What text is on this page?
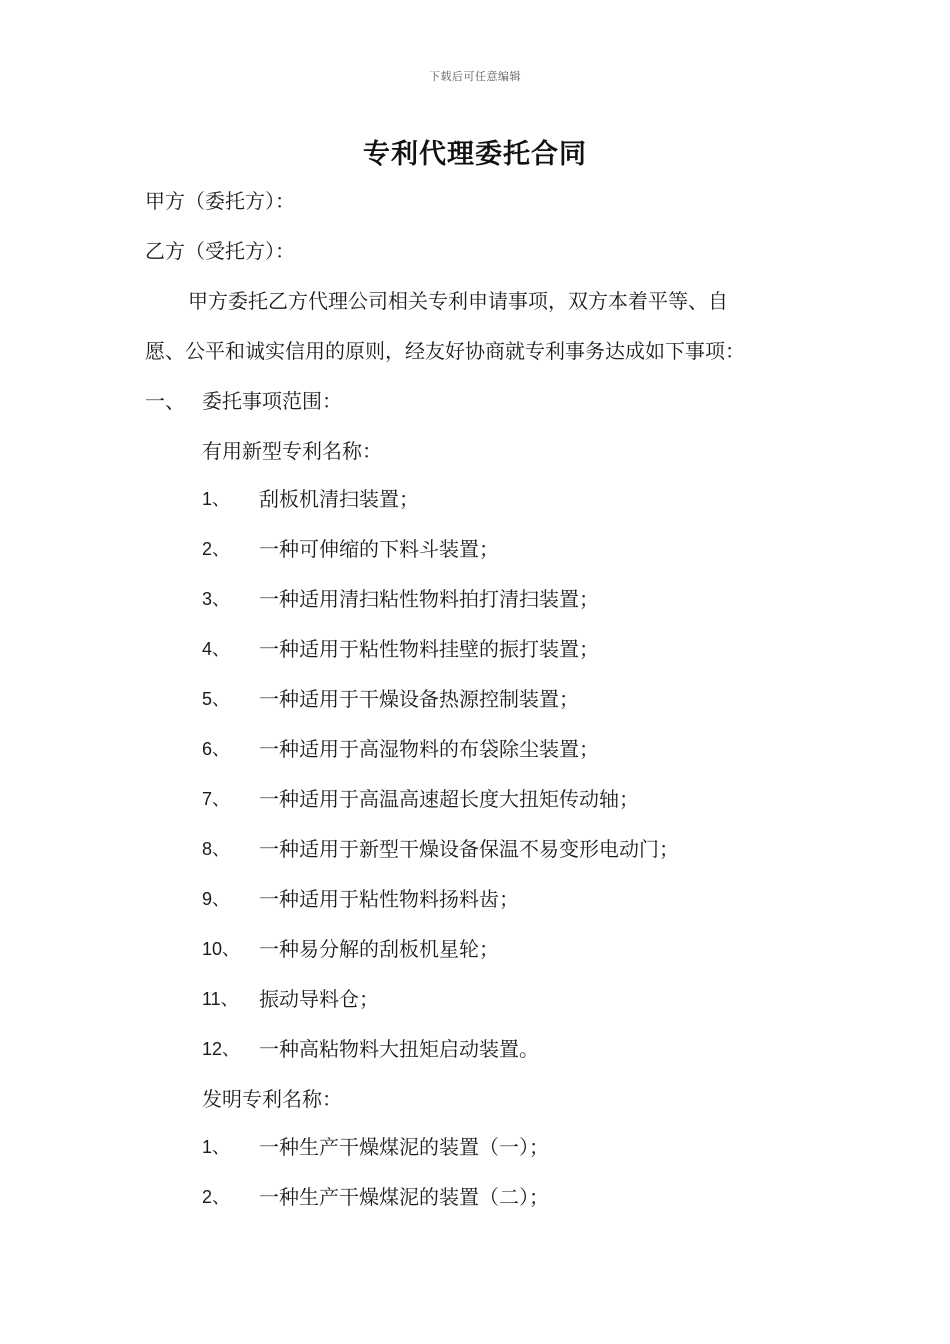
下载后可任意编辑
专利代理委托合同
甲方（委托方）：
乙方（受托方）：
甲方委托乙方代理公司相关专利申请事项，双方本着平等、自
愿、公平和诚实信用的原则，经友好协商就专利事务达成如下事项：
一、 委托事项范围：
有用新型专利名称：
1、 刮板机清扫装置；
2、 一种可伸缩的下料斗装置；
3、 一种适用清扫粘性物料拍打清扫装置；
4、 一种适用于粘性物料挂壁的振打装置；
5、 一种适用于干燥设备热源控制装置；
6、 一种适用于高湿物料的布袋除尘装置；
7、 一种适用于高温高速超长度大扭矩传动轴；
8、 一种适用于新型干燥设备保温不易变形电动门；
9、 一种适用于粘性物料扬料齿；
10、 一种易分解的刮板机星轮；
11、 振动导料仓；
12、 一种高粘物料大扭矩启动装置。
发明专利名称：
1、 一种生产干燥煤泥的装置（一）；
2、 一种生产干燥煤泥的装置（二）；
